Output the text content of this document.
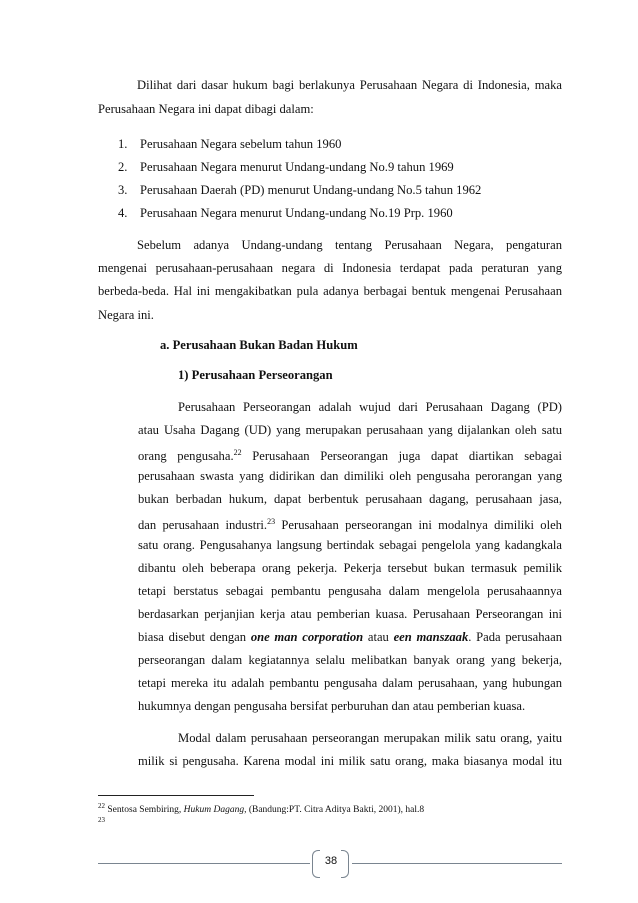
Dilihat dari dasar hukum bagi berlakunya Perusahaan Negara di Indonesia, maka
Perusahaan Negara ini dapat dibagi dalam:
1. Perusahaan Negara sebelum tahun 1960
2. Perusahaan Negara menurut Undang-undang No.9 tahun 1969
3. Perusahaan Daerah (PD) menurut Undang-undang No.5 tahun 1962
4. Perusahaan Negara menurut Undang-undang No.19 Prp. 1960
Sebelum adanya Undang-undang tentang Perusahaan Negara, pengaturan
mengenai perusahaan-perusahaan negara di Indonesia terdapat pada peraturan yang
berbeda-beda. Hal ini mengakibatkan pula adanya berbagai bentuk mengenai Perusahaan
Negara ini.
a. Perusahaan Bukan Badan Hukum
1) Perusahaan Perseorangan
Perusahaan Perseorangan adalah wujud dari Perusahaan Dagang (PD)
atau Usaha Dagang (UD) yang merupakan perusahaan yang dijalankan oleh satu
orang pengusaha.$^{22}$ Perusahaan Perseorangan juga dapat diartikan sebagai
perusahaan swasta yang didirikan dan dimiliki oleh pengusaha perorangan yang
bukan berbadan hukum, dapat berbentuk perusahaan dagang, perusahaan jasa,
dan perusahaan industri.$^{23}$ Perusahaan perseorangan ini modalnya dimiliki oleh
satu orang. Pengusahanya langsung bertindak sebagai pengelola yang kadangkala
dibantu oleh beberapa orang pekerja. Pekerja tersebut bukan termasuk pemilik
tetapi berstatus sebagai pembantu pengusaha dalam mengelola perusahaannya
berdasarkan perjanjian kerja atau pemberian kuasa. Perusahaan Perseorangan ini
biasa disebut dengan one man corporation atau een manszaak. Pada perusahaan
perseorangan dalam kegiatannya selalu melibatkan banyak orang yang bekerja,
tetapi mereka itu adalah pembantu pengusaha dalam perusahaan, yang hubungan
hukumnya dengan pengusaha bersifat perburuhan dan atau pemberian kuasa.
Modal dalam perusahaan perseorangan merupakan milik satu orang, yaitu
milik si pengusaha. Karena modal ini milik satu orang, maka biasanya modal itu
$^{22}$ Sentosa Sembiring, Hukum Dagang, (Bandung:PT. Citra Aditya Bakti, 2001), hal.8
$^{23}$
38
